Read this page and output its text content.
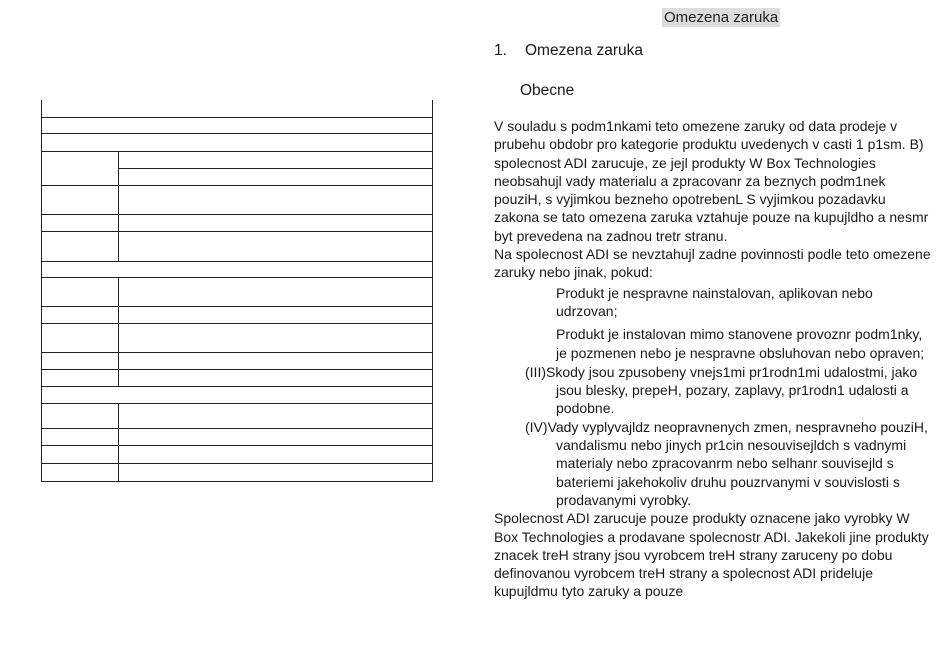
Omezena zaruka
1. Omezena zaruka
Obecne

V souladu s podm1nkami teto omezene zaruky od data prodeje v prubehu obdobr pro kategorie produktu uvedenych v casti 1 p1sm. B) spolecnost ADI zarucuje, ze jejl produkty W Box Technologies neobsahujl vady materialu a zpracovanr za beznych podm1nek pouziH, s vyjimkou bezneho opotrebenL S vyjimkou pozadavku zakona se tato omezena zaruka vztahuje pouze na kupujldho a nesmr byt prevedena na zadnou tretr stranu.

Na spolecnost ADI se nevztahujl zadne povinnosti podle teto omezene zaruky nebo jinak, pokud:

Produkt je nespravne nainstalovan, aplikovan nebo udrzovan;
Produkt je instalovan mimo stanovene provoznr podm1nky, je pozmenen nebo je nespravne obsluhovan nebo opraven;
(III)Skody jsou zpusobeny vnejs1mi pr1rodn1mi udalostmi, jako jsou blesky, prepeH, pozary, zaplavy, pr1rodn1 udalosti a podobne.
(IV)Vady vyplyvajldz neopravnenych zmen, nespravneho pouziH, vandalismu nebo jinych pr1cin nesouvisejldch s vadnymi materialy nebo zpracovanrm nebo selhanr souvisejld s bateriemi jakehokoliv druhu pouzrvanymi v souvislosti s prodavanymi vyrobky.

Spolecnost ADI zarucuje pouze produkty oznacene jako vyrobky W Box Technologies a prodavane spolecnostr ADI. Jakekoli jine produkty znacek treH strany jsou vyrobcem treH strany zaruceny po dobu definovanou vyrobcem treH strany a spolecnost ADI prideluje kupujldmu tyto zaruky a pouze
